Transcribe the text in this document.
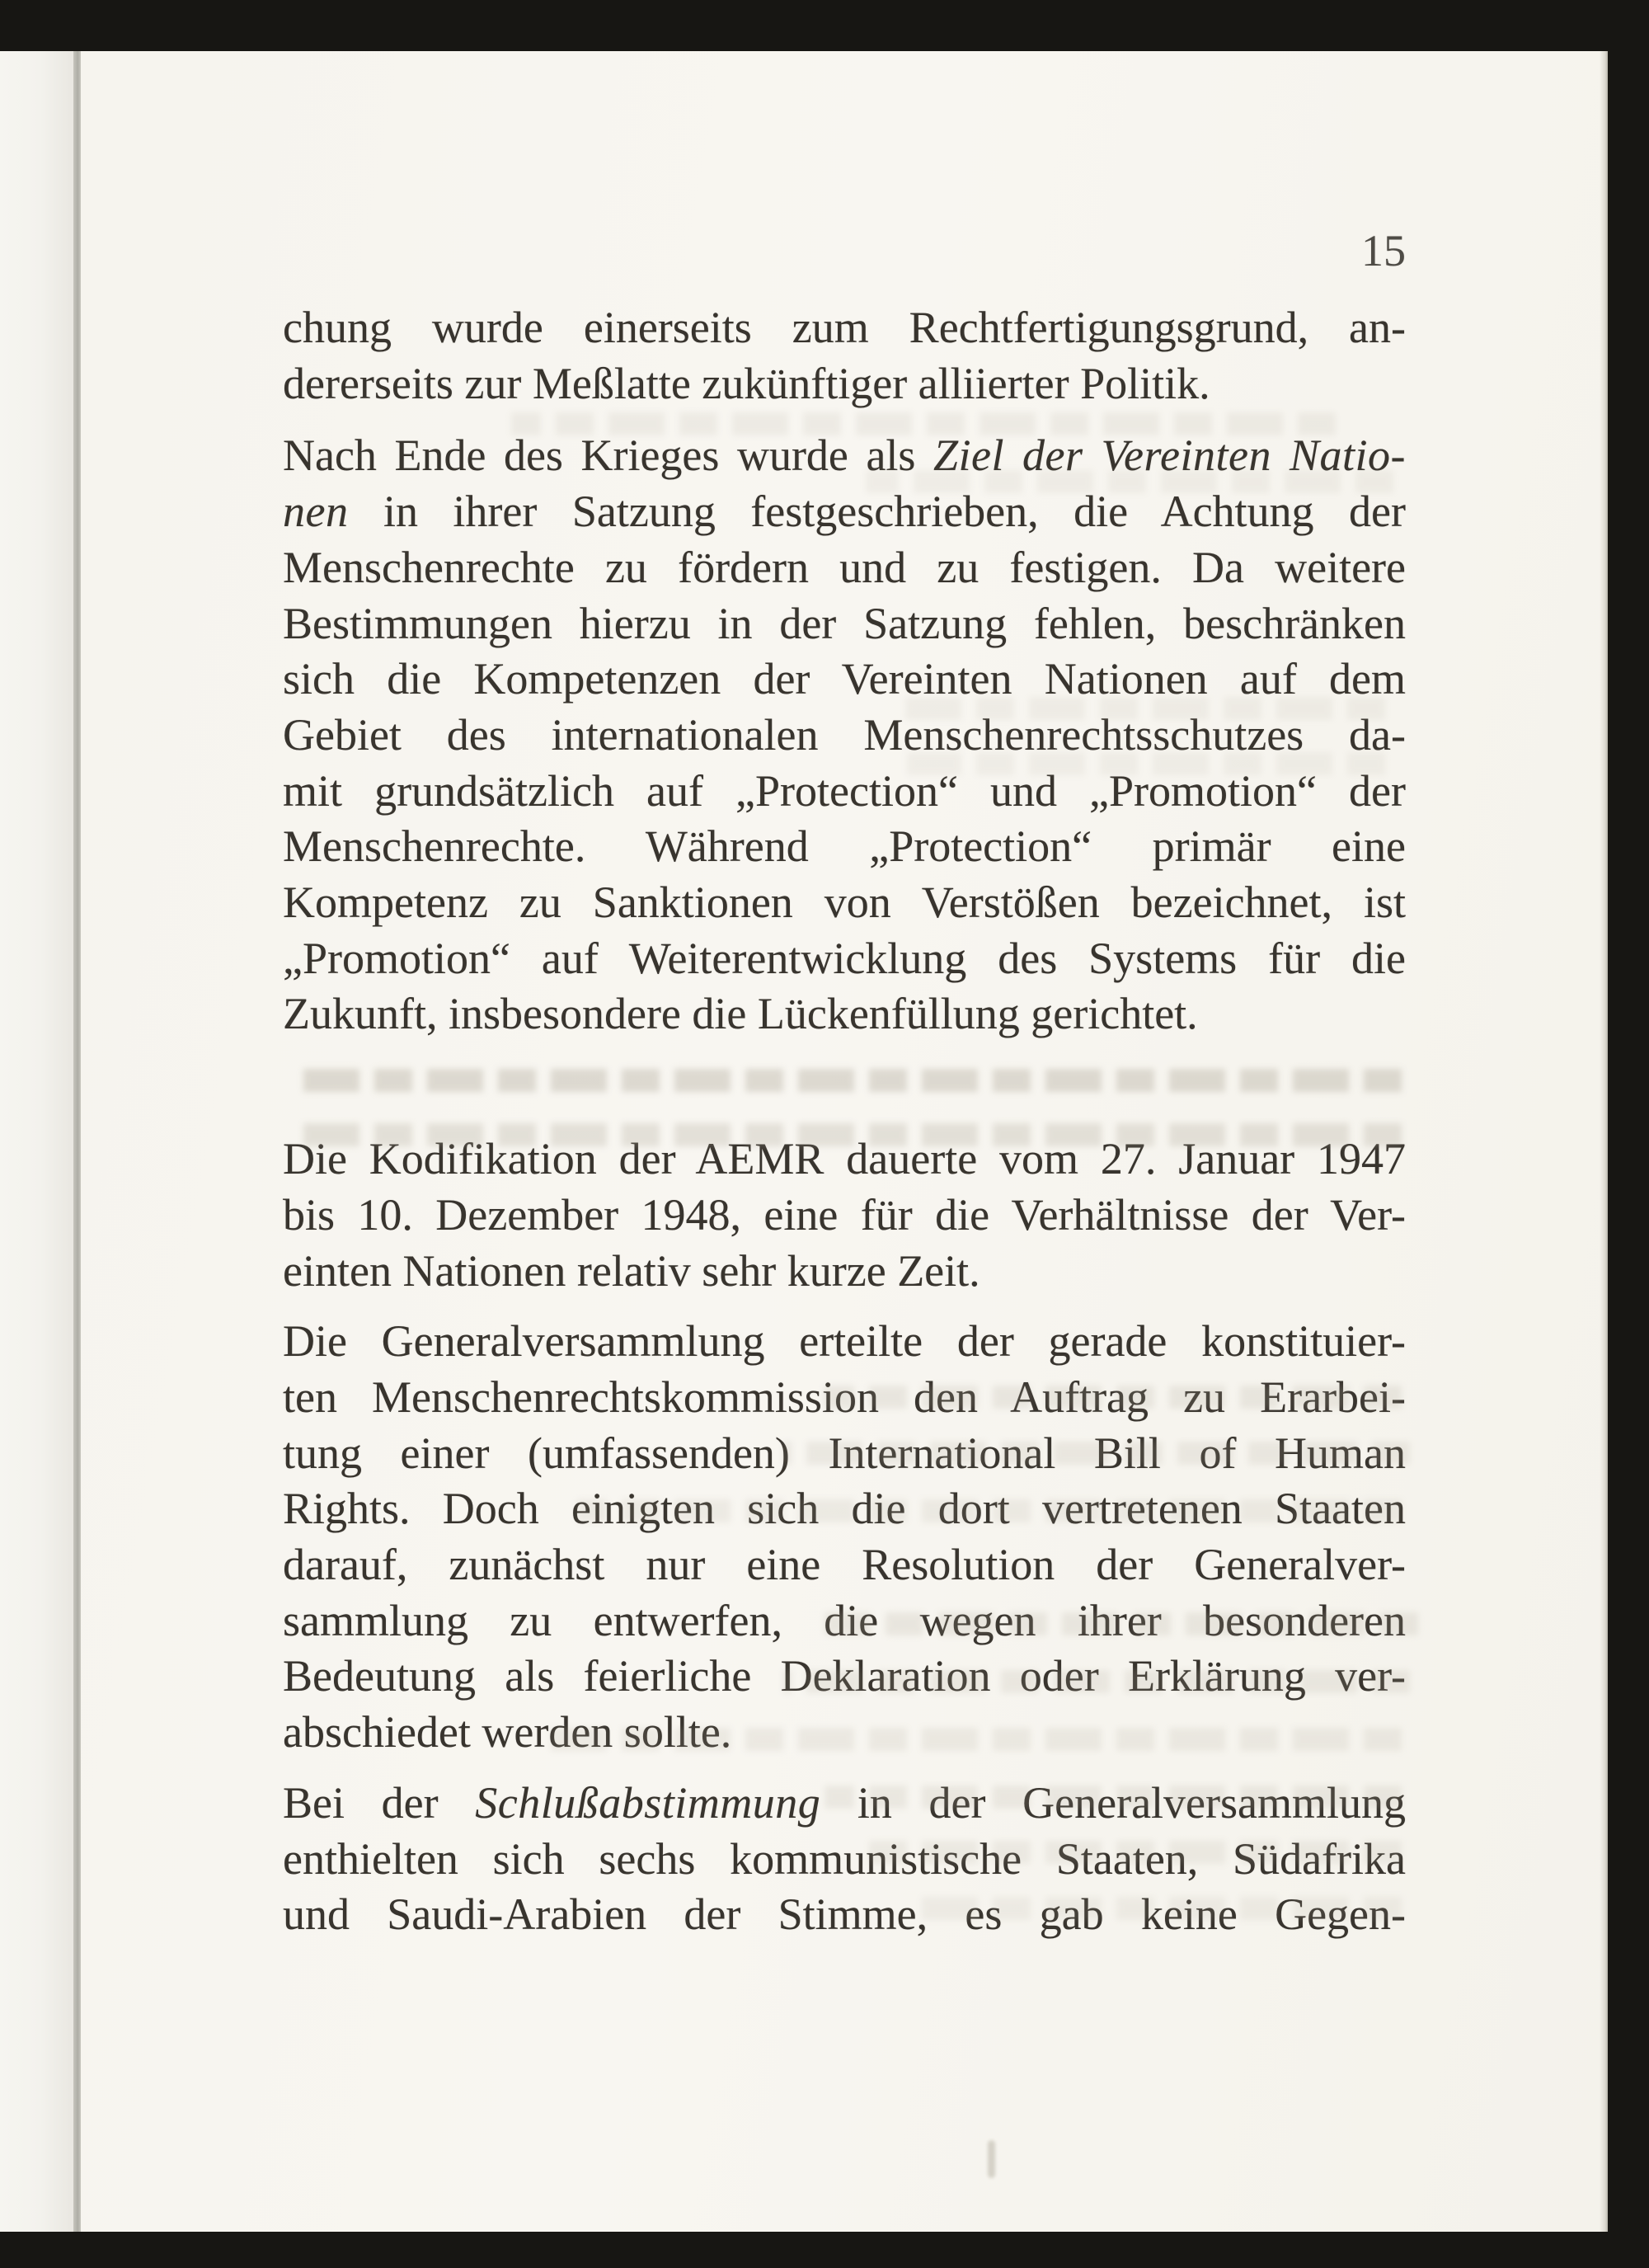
15
chung wurde einerseits zum Rechtfertigungsgrund, an-
dererseits zur Meßlatte zukünftiger alliierter Politik.
Nach Ende des Krieges wurde als Ziel der Vereinten Natio-
nen in ihrer Satzung festgeschrieben, die Achtung der
Menschenrechte zu fördern und zu festigen. Da weitere
Bestimmungen hierzu in der Satzung fehlen, beschränken
sich die Kompetenzen der Vereinten Nationen auf dem
Gebiet des internationalen Menschenrechtsschutzes da-
mit grundsätzlich auf „Protection“ und „Promotion“ der
Menschenrechte. Während „Protection“ primär eine
Kompetenz zu Sanktionen von Verstößen bezeichnet, ist
„Promotion“ auf Weiterentwicklung des Systems für die
Zukunft, insbesondere die Lückenfüllung gerichtet.
Die Kodifikation der AEMR dauerte vom 27. Januar 1947
bis 10. Dezember 1948, eine für die Verhältnisse der Ver-
einten Nationen relativ sehr kurze Zeit.
Die Generalversammlung erteilte der gerade konstituier-
ten Menschenrechtskommission den Auftrag zu Erarbei-
tung einer (umfassenden) International Bill of Human
Rights. Doch einigten sich die dort vertretenen Staaten
darauf, zunächst nur eine Resolution der Generalver-
sammlung zu entwerfen, die wegen ihrer besonderen
Bedeutung als feierliche Deklaration oder Erklärung ver-
abschiedet werden sollte.
Bei der Schlußabstimmung in der Generalversammlung
enthielten sich sechs kommunistische Staaten, Südafrika
und Saudi-Arabien der Stimme, es gab keine Gegen-
